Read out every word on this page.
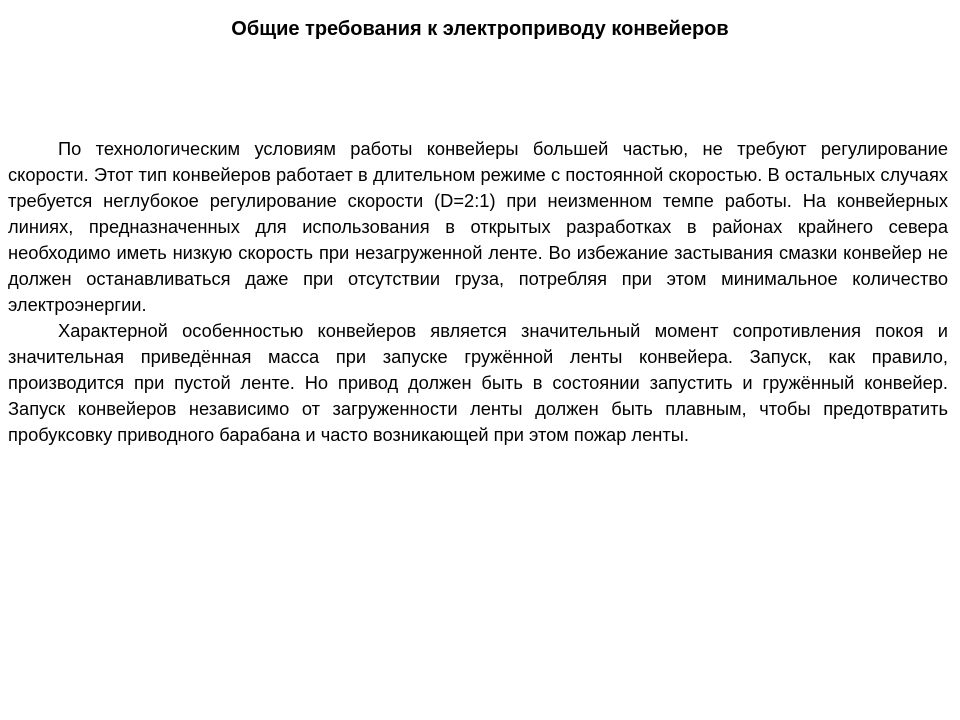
Общие требования к электроприводу конвейеров

По технологическим условиям работы конвейеры большей частью, не требуют регулирование скорости. Этот тип конвейеров работает в длительном режиме с постоянной скоростью. В остальных случаях требуется неглубокое регулирование скорости (D=2:1) при неизменном темпе работы. На конвейерных линиях, предназначенных для использования в открытых разработках в районах крайнего севера необходимо иметь низкую скорость при незагруженной ленте. Во избежание застывания смазки конвейер не должен останавливаться даже при отсутствии груза, потребляя при этом минимальное количество электроэнергии.

Характерной особенностью конвейеров является значительный момент сопротивления покоя и значительная приведённая масса при запуске гружённой ленты конвейера. Запуск, как правило, производится при пустой ленте. Но привод должен быть в состоянии запустить и гружённый конвейер. Запуск конвейеров независимо от загруженности ленты должен быть плавным, чтобы предотвратить пробуксовку приводного барабана и часто возникающей при этом пожар ленты.
